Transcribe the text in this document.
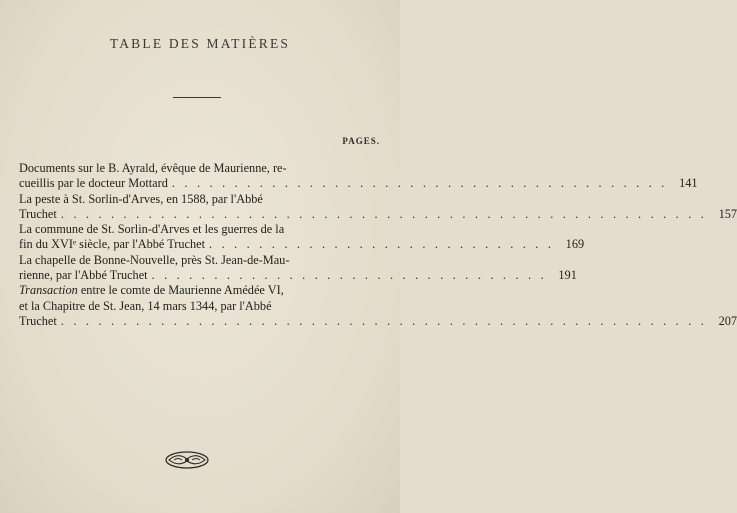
TABLE DES MATIÈRES
PAGES.
Documents sur le B. Ayrald, évêque de Maurienne, re-
cueillis par le docteur Mottard . . . . . . . . . . . . . . . . . . . . . . . . . . . . . . . . . . . . . . . . 141
La peste à St. Sorlin-d'Arves, en 1588, par l'Abbé
Truchet . . . . . . . . . . . . . . . . . . . . . . . . . . . . . . . . . . . . . . . . . . . . . . . . . . . . 157
La commune de St. Sorlin-d'Arves et les guerres de la
fin du XVIᵉ siècle, par l'Abbé Truchet . . . . . . . . . . . . . . . . . . . . . . . . . . . . 169
La chapelle de Bonne-Nouvelle, près St. Jean-de-Mau-
rienne, par l'Abbé Truchet . . . . . . . . . . . . . . . . . . . . . . . . . . . . . . . . 191
Transaction entre le comte de Maurienne Amédée VI,
et la Chapitre de St. Jean, 14 mars 1344, par l'Abbé
Truchet . . . . . . . . . . . . . . . . . . . . . . . . . . . . . . . . . . . . . . . . . . . . . . . . . . . . 207
